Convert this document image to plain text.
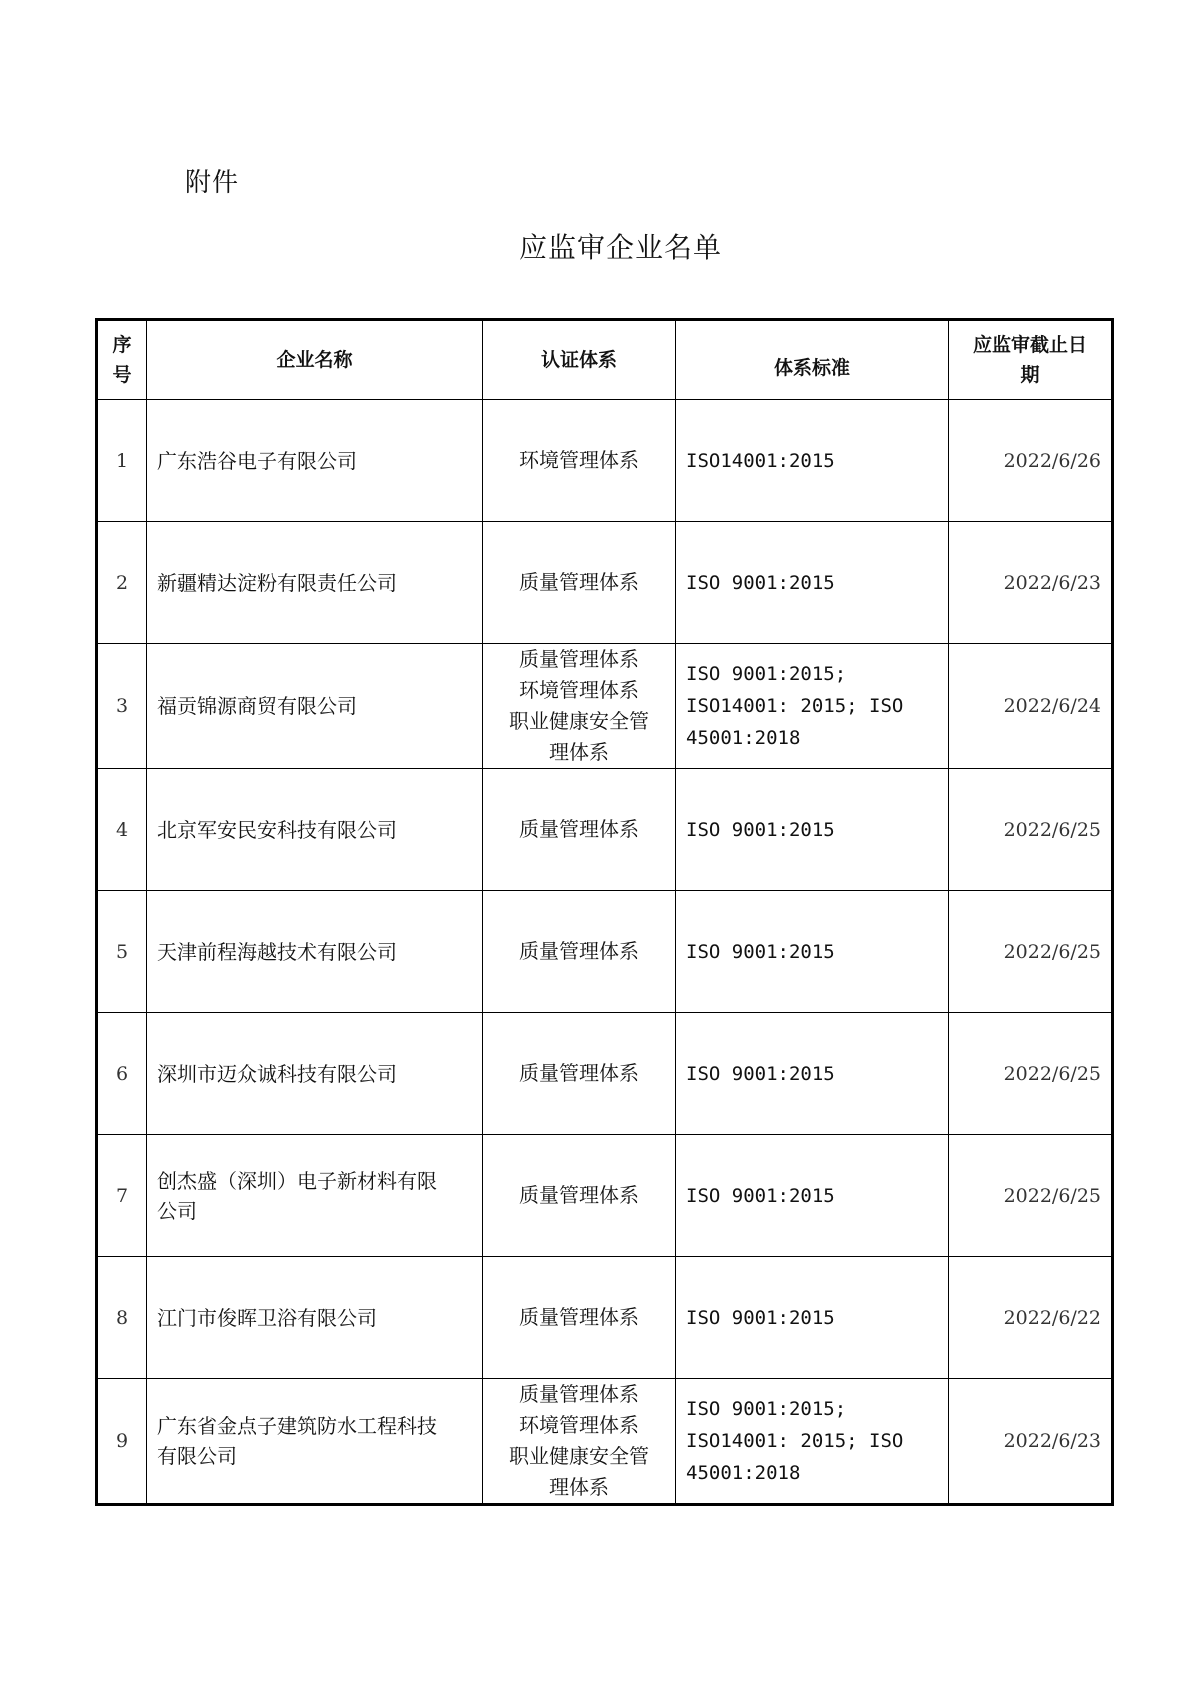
附件
应监审企业名单
序
号	企业名称	认证体系	体系标准	应监审截止日
期

1	广东浩谷电子有限公司	环境管理体系	ISO14001:2015	2022/6/26
2	新疆精达淀粉有限责任公司	质量管理体系	ISO 9001:2015	2022/6/23
3	福贡锦源商贸有限公司	质量管理体系
环境管理体系
职业健康安全管
理体系	ISO 9001:2015;
ISO14001: 2015; ISO
45001:2018	2022/6/24
4	北京军安民安科技有限公司	质量管理体系	ISO 9001:2015	2022/6/25
5	天津前程海越技术有限公司	质量管理体系	ISO 9001:2015	2022/6/25
6	深圳市迈众诚科技有限公司	质量管理体系	ISO 9001:2015	2022/6/25
7	创杰盛（深圳）电子新材料有限
公司	质量管理体系	ISO 9001:2015	2022/6/25
8	江门市俊晖卫浴有限公司	质量管理体系	ISO 9001:2015	2022/6/22
9	广东省金点子建筑防水工程科技
有限公司	质量管理体系
环境管理体系
职业健康安全管
理体系	ISO 9001:2015;
ISO14001: 2015; ISO
45001:2018	2022/6/23
